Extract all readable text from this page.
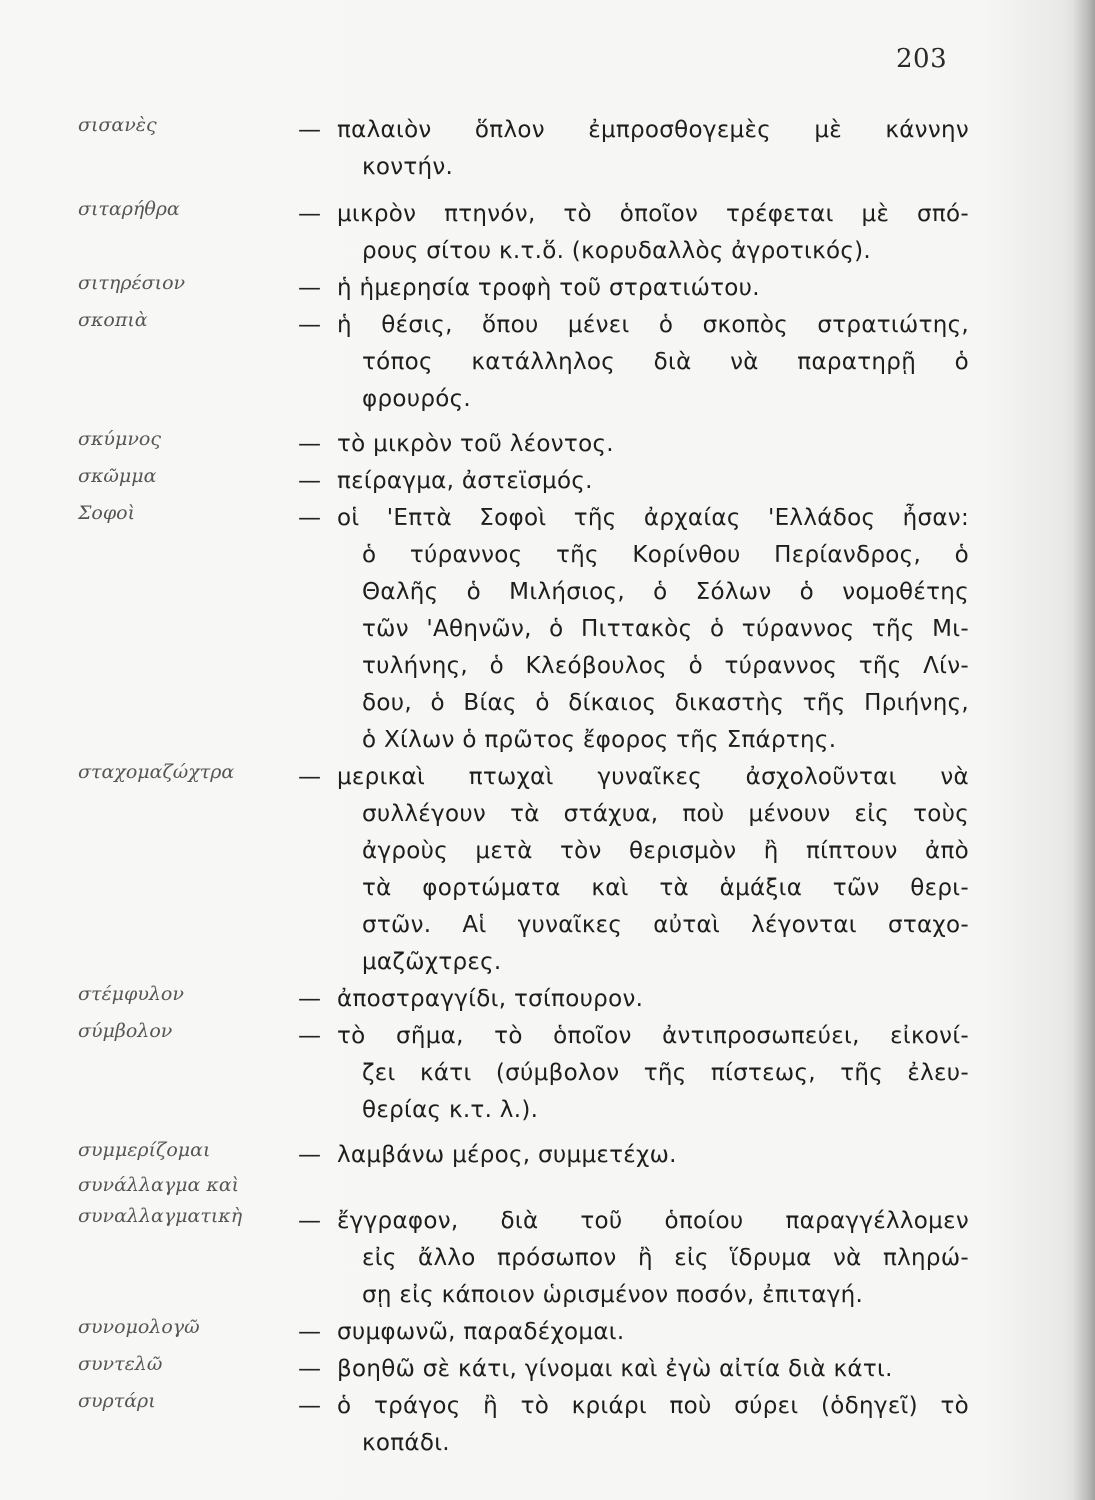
203
σισανὲς	— παλαιὸν ὅπλον ἐμπροσθογεμὲς μὲ κάννην
κοντήν.
σιταρήθρα	— μικρὸν πτηνόν, τὸ ὁποῖον τρέφεται μὲ σπό-
ρους σίτου κ.τ.ὅ. (κορυδαλλὸς ἀγροτικός).
σιτηρέσιον	— ἡ ἡμερησία τροφὴ τοῦ στρατιώτου.
σκοπιὰ	— ἡ θέσις, ὅπου μένει ὁ σκοπὸς στρατιώτης,
τόπος κατάλληλος διὰ νὰ παρατηρῇ ὁ
φρουρός.
σκύμνος	— τὸ μικρὸν τοῦ λέοντος.
σκῶμμα	— πείραγμα, ἀστεϊσμός.
Σοφοὶ	— οἱ 'Επτὰ Σοφοὶ τῆς ἀρχαίας 'Ελλάδος ἦσαν:
ὁ τύραννος τῆς Κορίνθου Περίανδρος, ὁ
Θαλῆς ὁ Μιλήσιος, ὁ Σόλων ὁ νομοθέτης
τῶν 'Αθηνῶν, ὁ Πιττακὸς ὁ τύραννος τῆς Μι-
τυλήνης, ὁ Κλεόβουλος ὁ τύραννος τῆς Λίν-
δου, ὁ Βίας ὁ δίκαιος δικαστὴς τῆς Πριήνης,
ὁ Χίλων ὁ πρῶτος ἔφορος τῆς Σπάρτης.
σταχομαζώχτρα	— μερικαὶ πτωχαὶ γυναῖκες ἀσχολοῦνται νὰ
συλλέγουν τὰ στάχυα, ποὺ μένουν εἰς τοὺς
ἀγροὺς μετὰ τὸν θερισμὸν ἢ πίπτουν ἀπὸ
τὰ φορτώματα καὶ τὰ ἁμάξια τῶν θερι-
στῶν. Αἱ γυναῖκες αὐταὶ λέγονται σταχο-
μαζῶχτρες.
στέμφυλον	— ἀποστραγγίδι, τσίπουρον.
σύμβολον	— τὸ σῆμα, τὸ ὁποῖον ἀντιπροσωπεύει, εἰκονί-
ζει κάτι (σύμβολον τῆς πίστεως, τῆς ἐλευ-
θερίας κ.τ. λ.).
συμμερίζομαι	— λαμβάνω μέρος, συμμετέχω.
συνάλλαγμα καὶ
συναλλαγματικὴ — ἔγγραφον, διὰ τοῦ ὁποίου παραγγέλλομεν
εἰς ἄλλο πρόσωπον ἢ εἰς ἵδρυμα νὰ πληρώ-
σῃ εἰς κάποιον ὡρισμένον ποσόν, ἐπιταγή.
συνομολογῶ	— συμφωνῶ, παραδέχομαι.
συντελῶ	— βοηθῶ σὲ κάτι, γίνομαι καὶ ἐγὼ αἰτία διὰ κάτι.
συρτάρι	— ὁ τράγος ἢ τὸ κριάρι ποὺ σύρει (ὁδηγεῖ) τὸ
κοπάδι.
